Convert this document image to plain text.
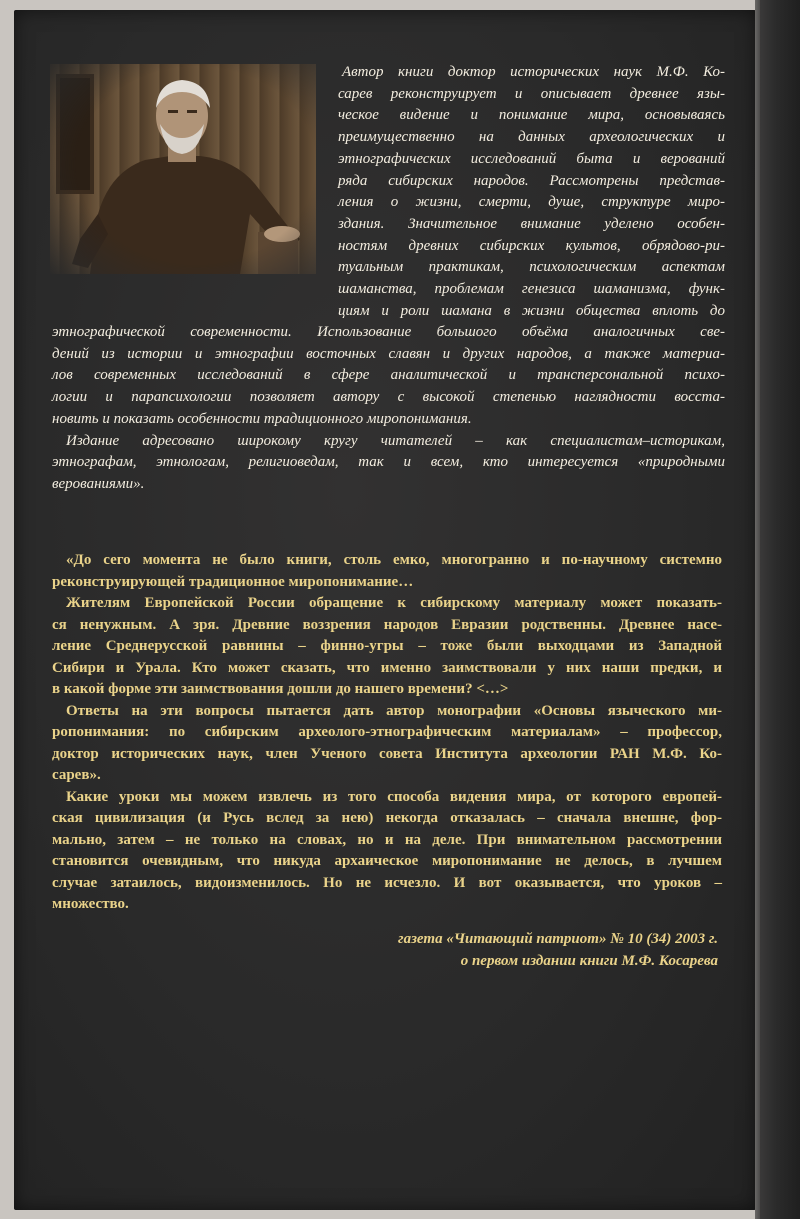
Автор книги доктор исторических наук М.Ф. Ко-
сарев реконструирует и описывает древнее язы-
ческое видение и понимание мира, основываясь
преимущественно на данных археологических и
этнографических исследований быта и верований
ряда сибирских народов. Рассмотрены представ-
ления о жизни, смерти, душе, структуре миро-
здания. Значительное внимание уделено особен-
ностям древних сибирских культов, обрядово-ри-
туальным практикам, психологическим аспектам
шаманства, проблемам генезиса шаманизма, функ-
циям и роли шамана в жизни общества вплоть до
этнографической современности. Использование большого объёма аналогичных све-
дений из истории и этнографии восточных славян и других народов, а также материа-
лов современных исследований в сфере аналитической и трансперсональной психо-
логии и парапсихологии позволяет автору с высокой степенью наглядности восста-
новить и показать особенности традиционного миропонимания.
Издание адресовано широкому кругу читателей – как специалистам–историкам,
этнографам, этнологам, религиоведам, так и всем, кто интересуется «природными
верованиями».
«До сего момента не было книги, столь емко, многогранно и по-научному системно
реконструирующей традиционное миропонимание…
Жителям Европейской России обращение к сибирскому материалу может показать-
ся ненужным. А зря. Древние воззрения народов Евразии родственны. Древнее насе-
ление Среднерусской равнины – финно-угры – тоже были выходцами из Западной
Сибири и Урала. Кто может сказать, что именно заимствовали у них наши предки, и
в какой форме эти заимствования дошли до нашего времени? <…>
Ответы на эти вопросы пытается дать автор монографии «Основы языческого ми-
ропонимания: по сибирским археолого-этнографическим материалам» – профессор,
доктор исторических наук, член Ученого совета Института археологии РАН М.Ф. Ко-
сарев».
Какие уроки мы можем извлечь из того способа видения мира, от которого европей-
ская цивилизация (и Русь вслед за нею) некогда отказалась – сначала внешне, фор-
мально, затем – не только на словах, но и на деле. При внимательном рассмотрении
становится очевидным, что никуда архаическое миропонимание не делось, в лучшем
случае затаилось, видоизменилось. Но не исчезло. И вот оказывается, что уроков –
множество.
газета «Читающий патриот» № 10 (34) 2003 г.
о первом издании книги М.Ф. Косарева
